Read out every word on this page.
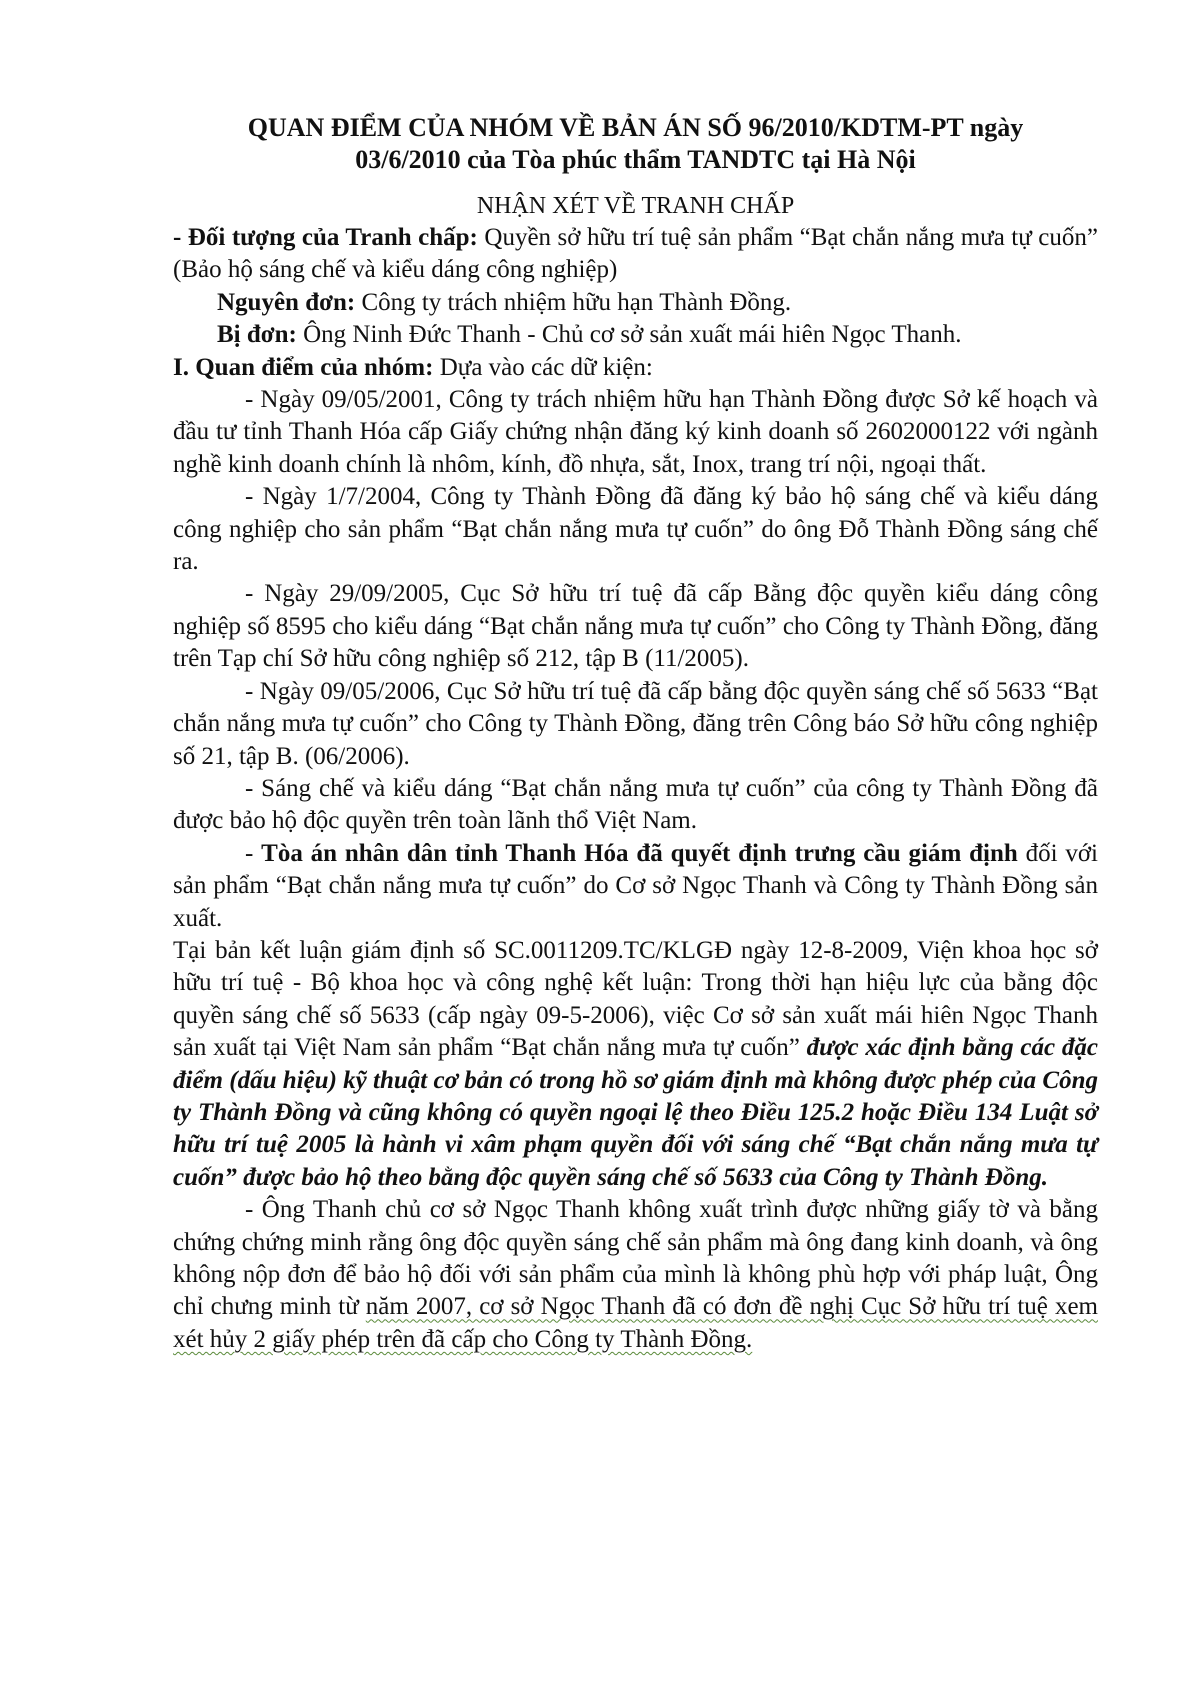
QUAN ĐIỂM CỦA NHÓM VỀ BẢN ÁN SỐ 96/2010/KDTM-PT ngày
03/6/2010 của Tòa phúc thẩm TANDTC tại Hà Nội

NHẬN XÉT VỀ TRANH CHẤP

- Đối tượng của Tranh chấp: Quyền sở hữu trí tuệ sản phẩm “Bạt chắn nắng mưa tự cuốn” (Bảo hộ sáng chế và kiểu dáng công nghiệp)

Nguyên đơn: Công ty trách nhiệm hữu hạn Thành Đồng.

Bị đơn: Ông Ninh Đức Thanh - Chủ cơ sở sản xuất mái hiên Ngọc Thanh.

I. Quan điểm của nhóm: Dựa vào các dữ kiện:

- Ngày 09/05/2001, Công ty trách nhiệm hữu hạn Thành Đồng được Sở kế hoạch và đầu tư tỉnh Thanh Hóa cấp Giấy chứng nhận đăng ký kinh doanh số 2602000122 với ngành nghề kinh doanh chính là nhôm, kính, đồ nhựa, sắt, Inox, trang trí nội, ngoại thất.

- Ngày 1/7/2004, Công ty Thành Đồng đã đăng ký bảo hộ sáng chế và kiểu dáng công nghiệp cho sản phẩm “Bạt chắn nắng mưa tự cuốn” do ông Đỗ Thành Đồng sáng chế ra.

- Ngày 29/09/2005, Cục Sở hữu trí tuệ đã cấp Bằng độc quyền kiểu dáng công nghiệp số 8595 cho kiểu dáng “Bạt chắn nắng mưa tự cuốn” cho Công ty Thành Đồng, đăng trên Tạp chí Sở hữu công nghiệp số 212, tập B (11/2005).

- Ngày 09/05/2006, Cục Sở hữu trí tuệ đã cấp bằng độc quyền sáng chế số 5633 “Bạt chắn nắng mưa tự cuốn” cho Công ty Thành Đồng, đăng trên Công báo Sở hữu công nghiệp số 21, tập B. (06/2006).

- Sáng chế và kiểu dáng “Bạt chắn nắng mưa tự cuốn” của công ty Thành Đồng đã được bảo hộ độc quyền trên toàn lãnh thổ Việt Nam.

- Tòa án nhân dân tỉnh Thanh Hóa đã quyết định trưng cầu giám định đối với sản phẩm “Bạt chắn nắng mưa tự cuốn” do Cơ sở Ngọc Thanh và Công ty Thành Đồng sản xuất.

Tại bản kết luận giám định số SC.0011209.TC/KLGĐ ngày 12-8-2009, Viện khoa học sở hữu trí tuệ - Bộ khoa học và công nghệ kết luận: Trong thời hạn hiệu lực của bằng độc quyền sáng chế số 5633 (cấp ngày 09-5-2006), việc Cơ sở sản xuất mái hiên Ngọc Thanh sản xuất tại Việt Nam sản phẩm “Bạt chắn nắng mưa tự cuốn” được xác định bằng các đặc điểm (dấu hiệu) kỹ thuật cơ bản có trong hồ sơ giám định mà không được phép của Công ty Thành Đồng và cũng không có quyền ngoại lệ theo Điều 125.2 hoặc Điều 134 Luật sở hữu trí tuệ 2005 là hành vi xâm phạm quyền đối với sáng chế “Bạt chắn nắng mưa tự cuốn” được bảo hộ theo bằng độc quyền sáng chế số 5633 của Công ty Thành Đồng.

- Ông Thanh chủ cơ sở Ngọc Thanh không xuất trình được những giấy tờ và bằng chứng chứng minh rằng ông độc quyền sáng chế sản phẩm mà ông đang kinh doanh, và ông không nộp đơn để bảo hộ đối với sản phẩm của mình là không phù hợp với pháp luật, Ông chỉ chưng minh từ năm 2007, cơ sở Ngọc Thanh đã có đơn đề nghị Cục Sở hữu trí tuệ xem xét hủy 2 giấy phép trên đã cấp cho Công ty Thành Đồng.
